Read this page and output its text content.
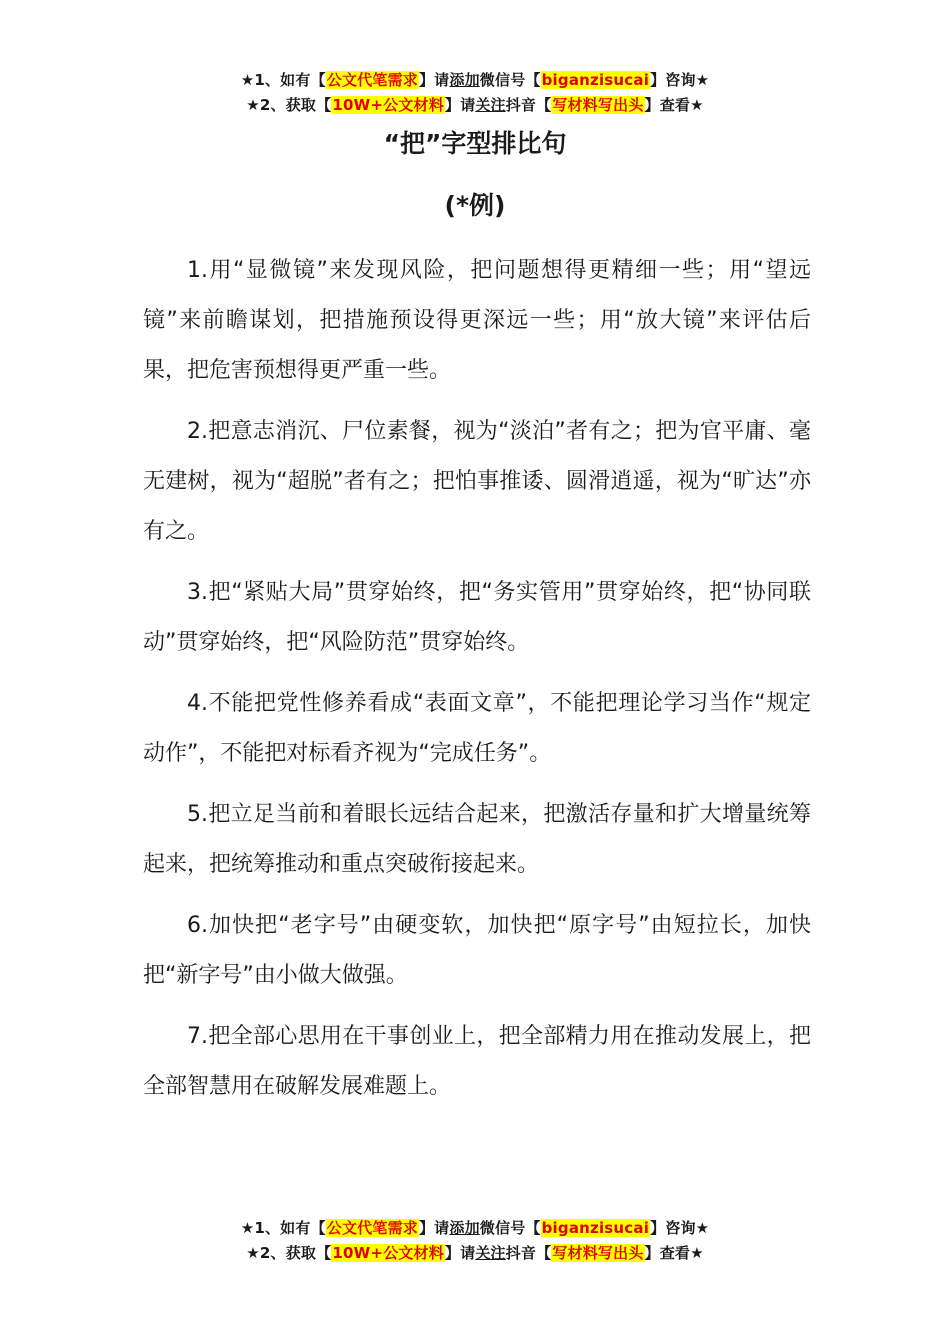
★1、如有【公文代笔需求】请添加微信号【biganzisucai】咨询★
★2、获取【10W+公文材料】请关注抖音【写材料写出头】查看★
“把”字型排比句
(*例)

1.用“显微镜”来发现风险，把问题想得更精细一些；用“望远镜”来前瞻谋划，把措施预设得更深远一些；用“放大镜”来评估后果，把危害预想得更严重一些。

2.把意志消沉、尸位素餐，视为“淡泊”者有之；把为官平庸、毫无建树，视为“超脱”者有之；把怕事推诿、圆滑逍遥，视为“旷达”亦有之。

3.把“紧贴大局”贯穿始终，把“务实管用”贯穿始终，把“协同联动”贯穿始终，把“风险防范”贯穿始终。

4.不能把党性修养看成“表面文章”，不能把理论学习当作“规定动作”，不能把对标看齐视为“完成任务”。

5.把立足当前和着眼长远结合起来，把激活存量和扩大增量统筹起来，把统筹推动和重点突破衔接起来。

6.加快把“老字号”由硬变软，加快把“原字号”由短拉长，加快把“新字号”由小做大做强。

7.把全部心思用在干事创业上，把全部精力用在推动发展上，把全部智慧用在破解发展难题上。

★1、如有【公文代笔需求】请添加微信号【biganzisucai】咨询★
★2、获取【10W+公文材料】请关注抖音【写材料写出头】查看★
